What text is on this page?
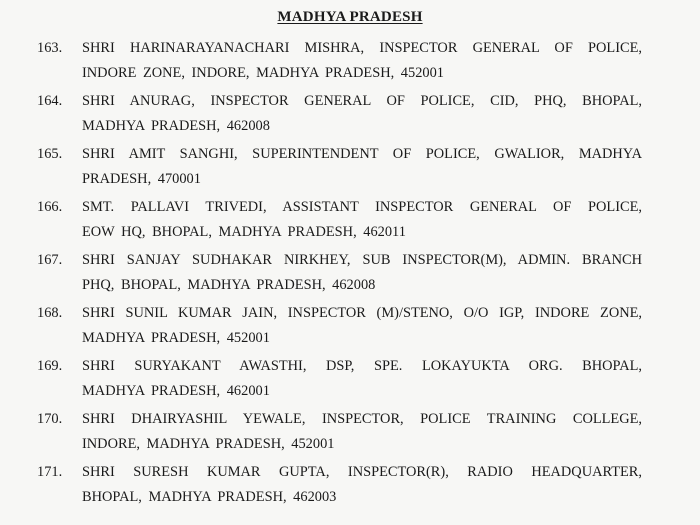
MADHYA PRADESH
163.	SHRI HARINARAYANACHARI MISHRA, INSPECTOR GENERAL OF POLICE,
INDORE ZONE, INDORE, MADHYA PRADESH, 452001
164.	SHRI ANURAG, INSPECTOR GENERAL OF POLICE, CID, PHQ, BHOPAL,
MADHYA PRADESH, 462008
165.	SHRI AMIT SANGHI, SUPERINTENDENT OF POLICE, GWALIOR, MADHYA
PRADESH, 470001
166.	SMT. PALLAVI TRIVEDI, ASSISTANT INSPECTOR GENERAL OF POLICE,
EOW HQ, BHOPAL, MADHYA PRADESH, 462011
167.	SHRI SANJAY SUDHAKAR NIRKHEY, SUB INSPECTOR(M), ADMIN. BRANCH
PHQ, BHOPAL, MADHYA PRADESH, 462008
168.	SHRI SUNIL KUMAR JAIN, INSPECTOR (M)/STENO, O/O IGP, INDORE ZONE,
MADHYA PRADESH, 452001
169.	SHRI SURYAKANT AWASTHI, DSP, SPE. LOKAYUKTA ORG. BHOPAL,
MADHYA PRADESH, 462001
170.	SHRI DHAIRYASHIL YEWALE, INSPECTOR, POLICE TRAINING COLLEGE,
INDORE, MADHYA PRADESH, 452001
171.	SHRI SURESH KUMAR GUPTA, INSPECTOR(R), RADIO HEADQUARTER,
BHOPAL, MADHYA PRADESH, 462003
